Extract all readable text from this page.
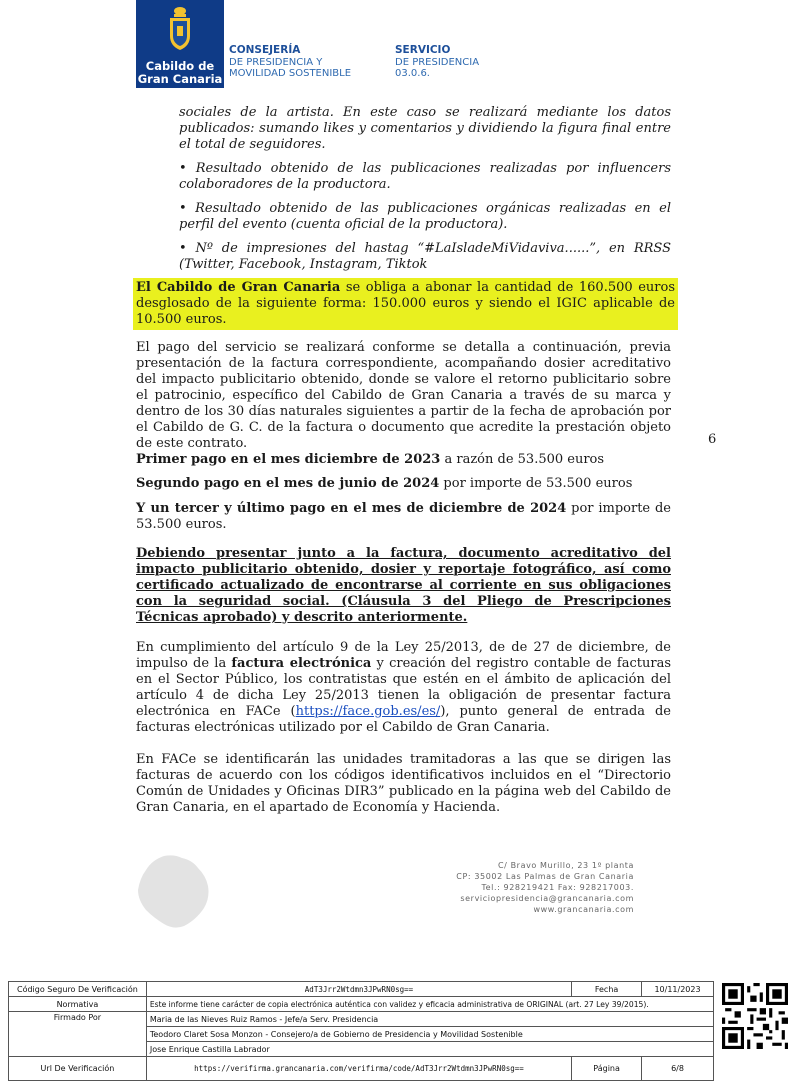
Cabildo de
Gran Canaria
CONSEJERÍA
DE PRESIDENCIA Y
MOVILIDAD SOSTENIBLE
SERVICIO
DE PRESIDENCIA
03.0.6.

sociales de la artista. En este caso se realizará mediante los datos publicados: sumando likes y comentarios y dividiendo la figura final entre el total de seguidores.

• Resultado obtenido de las publicaciones realizadas por influencers colaboradores de la productora.

• Resultado obtenido de las publicaciones orgánicas realizadas en el perfil del evento (cuenta oficial de la productora).

• Nº de impresiones del hastag “#LaIsladeMiVidaviva......”, en RRSS (Twitter, Facebook, Instagram, Tiktok

El Cabildo de Gran Canaria se obliga a abonar la cantidad de 160.500 euros desglosado de la siguiente forma: 150.000 euros y siendo el IGIC aplicable de 10.500 euros.

El pago del servicio se realizará conforme se detalla a continuación, previa presentación de la factura correspondiente, acompañando dosier acreditativo del impacto publicitario obtenido, donde se valore el retorno publicitario sobre el patrocinio, específico del Cabildo de Gran Canaria a través de su marca y dentro de los 30 días naturales siguientes a partir de la fecha de aprobación por el Cabildo de G. C. de la factura o documento que acredite la prestación objeto de este contrato.	6

Primer pago en el mes diciembre de 2023 a razón de 53.500 euros

Segundo pago en el mes de junio de 2024 por importe de 53.500 euros

Y un tercer y último pago en el mes de diciembre de 2024 por importe de 53.500 euros.

Debiendo presentar junto a la factura, documento acreditativo del impacto publicitario obtenido, dosier y reportaje fotográfico, así como certificado actualizado de encontrarse al corriente en sus obligaciones con la seguridad social. (Cláusula 3 del Pliego de Prescripciones Técnicas aprobado) y descrito anteriormente.

En cumplimiento del artículo 9 de la Ley 25/2013, de de 27 de diciembre, de impulso de la factura electrónica y creación del registro contable de facturas en el Sector Público, los contratistas que estén en el ámbito de aplicación del artículo 4 de dicha Ley 25/2013 tienen la obligación de presentar factura electrónica en FACe (https://face.gob.es/es/), punto general de entrada de facturas electrónicas utilizado por el Cabildo de Gran Canaria.

En FACe se identificarán las unidades tramitadoras a las que se dirigen las facturas de acuerdo con los códigos identificativos incluidos en el “Directorio Común de Unidades y Oficinas DIR3” publicado en la página web del Cabildo de Gran Canaria, en el apartado de Economía y Hacienda.

C/ Bravo Murillo, 23 1º planta
CP: 35002 Las Palmas de Gran Canaria
Tel.: 928219421 Fax: 928217003.
serviciopresidencia@grancanaria.com
www.grancanaria.com
Código Seguro De Verificación	AdT3Jrr2Wtdmn3JPwRN0sg==	Fecha	10/11/2023
Normativa	Este informe tiene carácter de copia electrónica auténtica con validez y eficacia administrativa de ORIGINAL (art. 27 Ley 39/2015).		
Firmado Por	Maria de las Nieves Ruiz Ramos - Jefe/a Serv. Presidencia		
	Teodoro Claret Sosa Monzon - Consejero/a de Gobierno de Presidencia y Movilidad Sostenible		
	Jose Enrique Castilla Labrador		
Url De Verificación	https://verifirma.grancanaria.com/verifirma/code/AdT3Jrr2Wtdmn3JPwRN0sg==	Página	6/8
